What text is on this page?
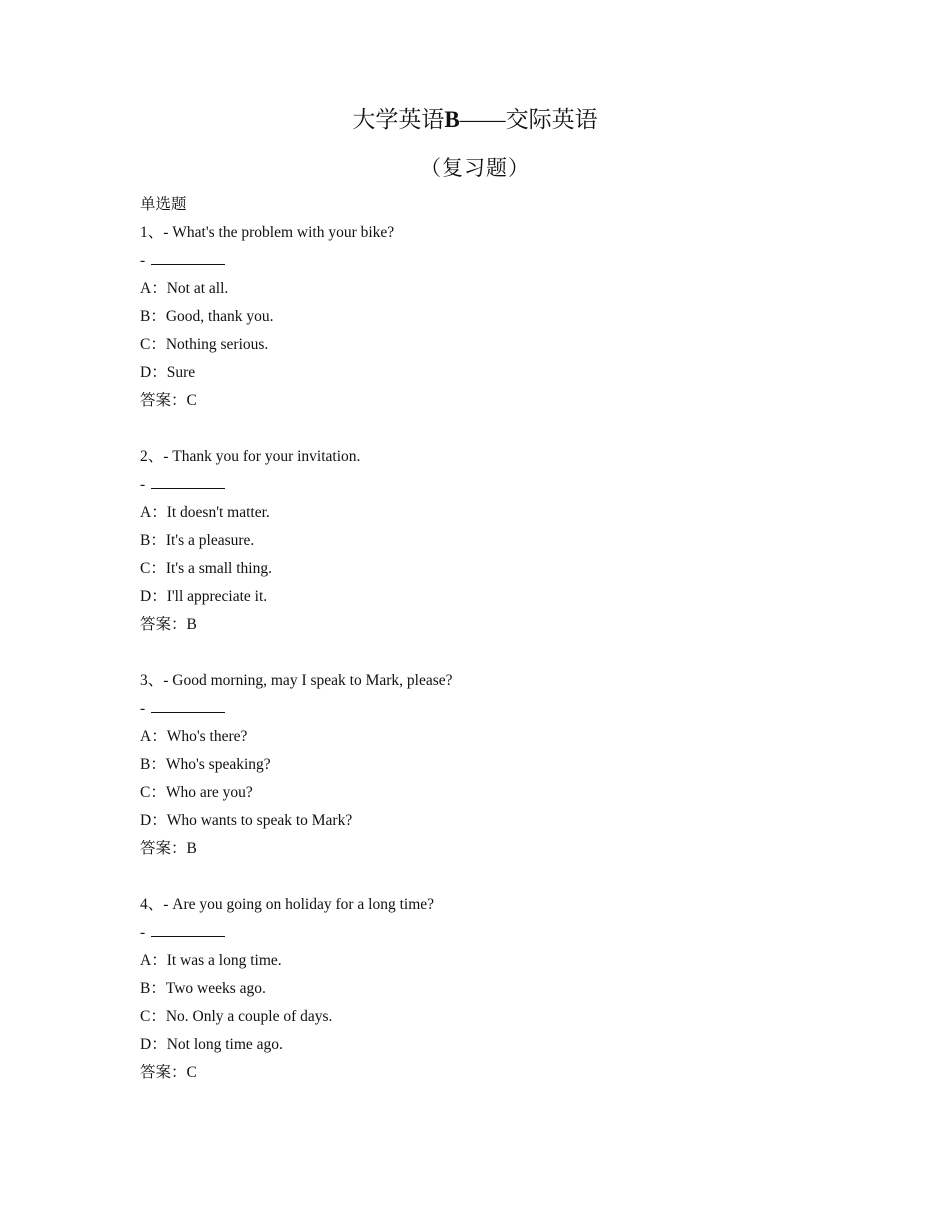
大学英语B——交际英语
（复习题）
单选题
1、- What's the problem with your bike?
-
A：Not at all.
B：Good, thank you.
C：Nothing serious.
D：Sure
答案：C
2、- Thank you for your invitation.
-
A：It doesn't matter.
B：It's a pleasure.
C：It's a small thing.
D：I'll appreciate it.
答案：B
3、- Good morning, may I speak to Mark, please?
-
A：Who's there?
B：Who's speaking?
C：Who are you?
D：Who wants to speak to Mark?
答案：B
4、- Are you going on holiday for a long time?
-
A：It was a long time.
B：Two weeks ago.
C：No. Only a couple of days.
D：Not long time ago.
答案：C
